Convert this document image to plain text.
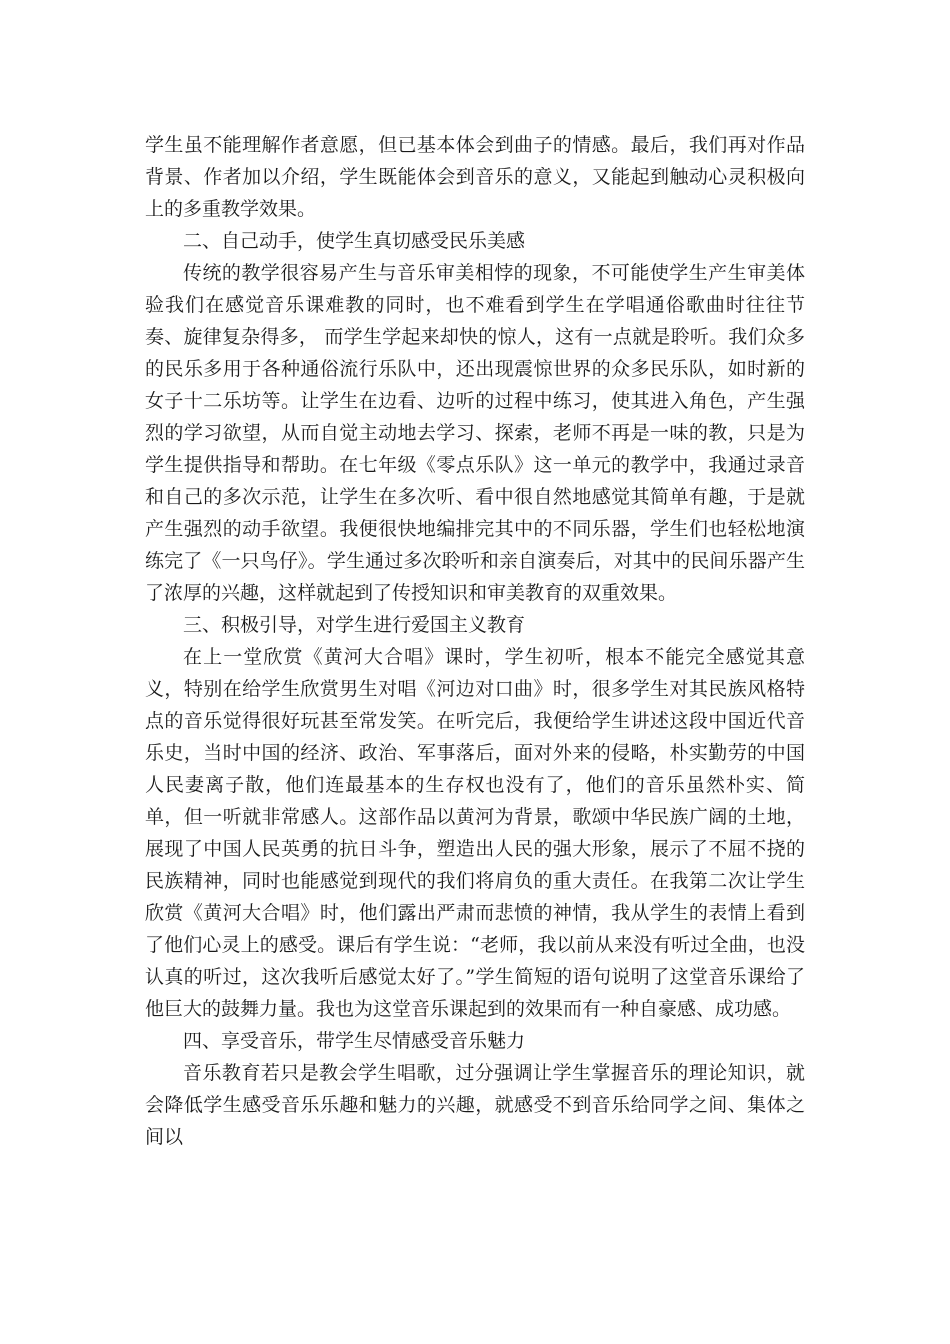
学生虽不能理解作者意愿，但已基本体会到曲子的情感。最后，我们再对作品背景、作者加以介绍，学生既能体会到音乐的意义，又能起到触动心灵积极向上的多重教学效果。

二、自己动手，使学生真切感受民乐美感

传统的教学很容易产生与音乐审美相悖的现象，不可能使学生产生审美体验我们在感觉音乐课难教的同时，也不难看到学生在学唱通俗歌曲时往往节奏、旋律复杂得多， 而学生学起来却快的惊人，这有一点就是聆听。我们众多的民乐多用于各种通俗流行乐队中，还出现震惊世界的众多民乐队，如时新的女子十二乐坊等。让学生在边看、边听的过程中练习，使其进入角色，产生强烈的学习欲望，从而自觉主动地去学习、探索，老师不再是一味的教，只是为学生提供指导和帮助。在七年级《零点乐队》这一单元的教学中，我通过录音和自己的多次示范，让学生在多次听、看中很自然地感觉其简单有趣，于是就产生强烈的动手欲望。我便很快地编排完其中的不同乐器，学生们也轻松地演练完了《一只鸟仔》。学生通过多次聆听和亲自演奏后，对其中的民间乐器产生了浓厚的兴趣，这样就起到了传授知识和审美教育的双重效果。

三、积极引导，对学生进行爱国主义教育

在上一堂欣赏《黄河大合唱》课时，学生初听，根本不能完全感觉其意义，特别在给学生欣赏男生对唱《河边对口曲》时，很多学生对其民族风格特点的音乐觉得很好玩甚至常发笑。在听完后，我便给学生讲述这段中国近代音乐史，当时中国的经济、政治、军事落后，面对外来的侵略，朴实勤劳的中国人民妻离子散，他们连最基本的生存权也没有了，他们的音乐虽然朴实、简单，但一听就非常感人。这部作品以黄河为背景，歌颂中华民族广阔的土地，展现了中国人民英勇的抗日斗争，塑造出人民的强大形象，展示了不屈不挠的民族精神，同时也能感觉到现代的我们将肩负的重大责任。在我第二次让学生欣赏《黄河大合唱》时，他们露出严肃而悲愤的神情，我从学生的表情上看到了他们心灵上的感受。课后有学生说：“老师，我以前从来没有听过全曲，也没认真的听过，这次我听后感觉太好了。”学生简短的语句说明了这堂音乐课给了他巨大的鼓舞力量。我也为这堂音乐课起到的效果而有一种自豪感、成功感。

四、享受音乐，带学生尽情感受音乐魅力

音乐教育若只是教会学生唱歌，过分强调让学生掌握音乐的理论知识，就会降低学生感受音乐乐趣和魅力的兴趣，就感受不到音乐给同学之间、集体之间以
